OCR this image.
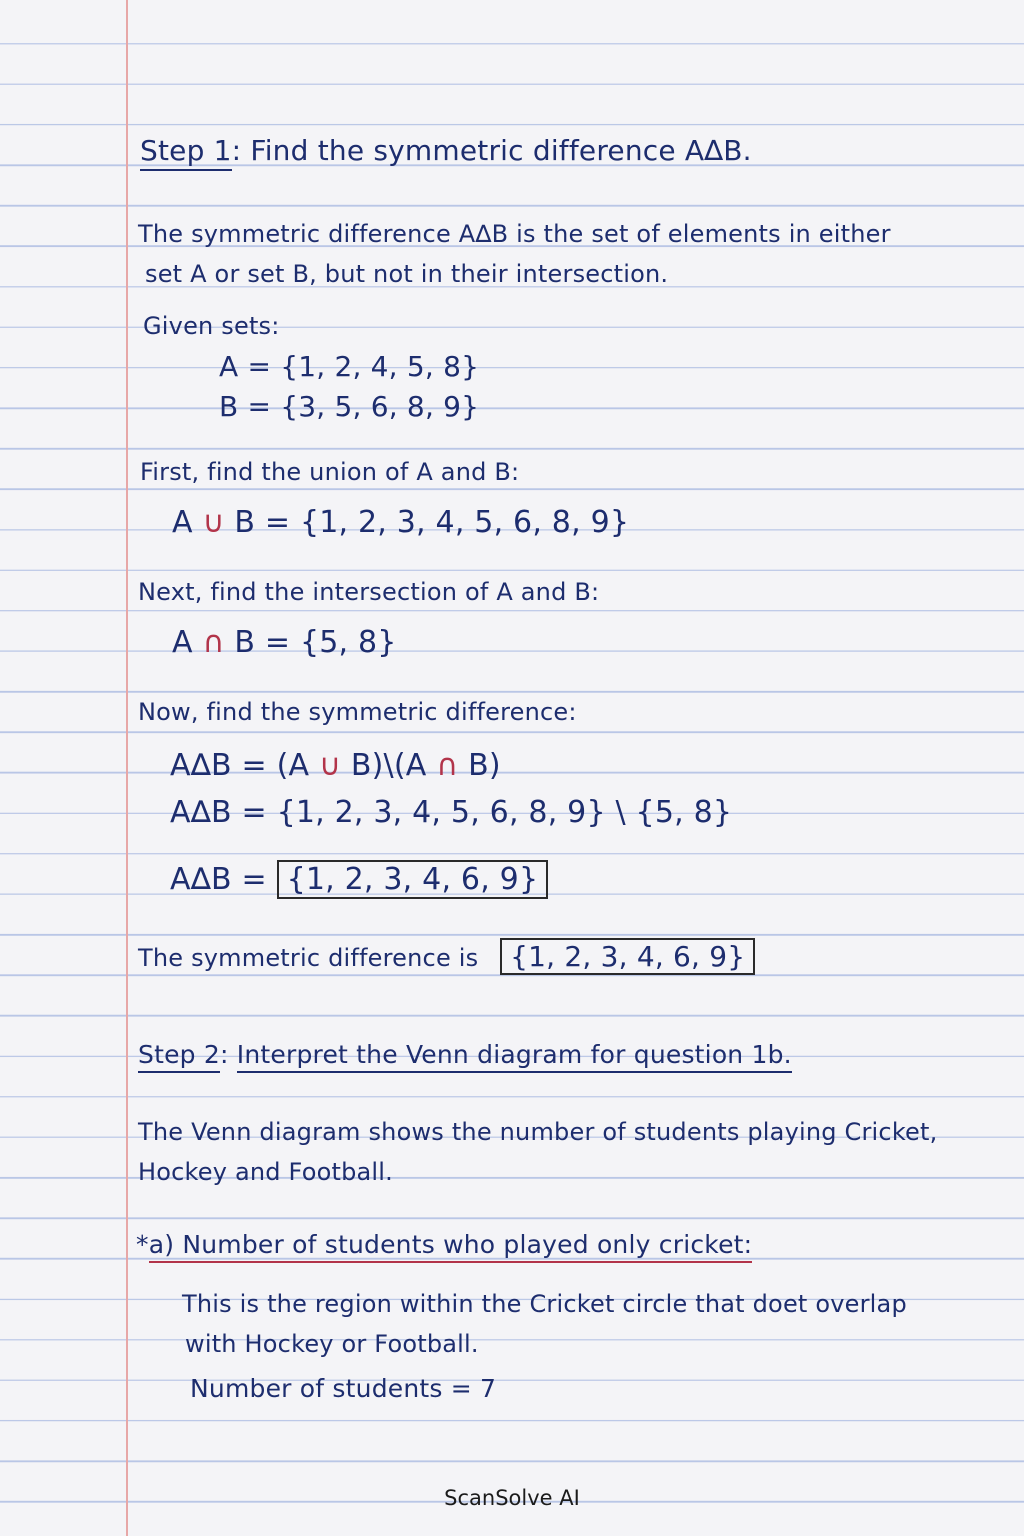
Step 1: Find the symmetric difference A∆B.
The symmetric difference A∆B is the set of elements in either
set A or set B, but not in their intersection.
Given sets:
A = {1, 2, 4, 5, 8}
B = {3, 5, 6, 8, 9}
First, find the union of A and B:
A ∪ B = {1, 2, 3, 4, 5, 6, 8, 9}
Next, find the intersection of A and B:
A ∩ B = {5, 8}
Now, find the symmetric difference:
A∆B = (A ∪ B)\(A ∩ B)
A∆B = {1, 2, 3, 4, 5, 6, 8, 9} \ {5, 8}
A∆B = {1, 2, 3, 4, 6, 9}
The symmetric difference is {1, 2, 3, 4, 6, 9}
Step 2: Interpret the Venn diagram for question 1b.
The Venn diagram shows the number of students playing Cricket,
Hockey and Football.
*a) Number of students who played only cricket:
This is the region within the Cricket circle that doet overlap
with Hockey or Football.
Number of students = 7
ScanSolve AI
